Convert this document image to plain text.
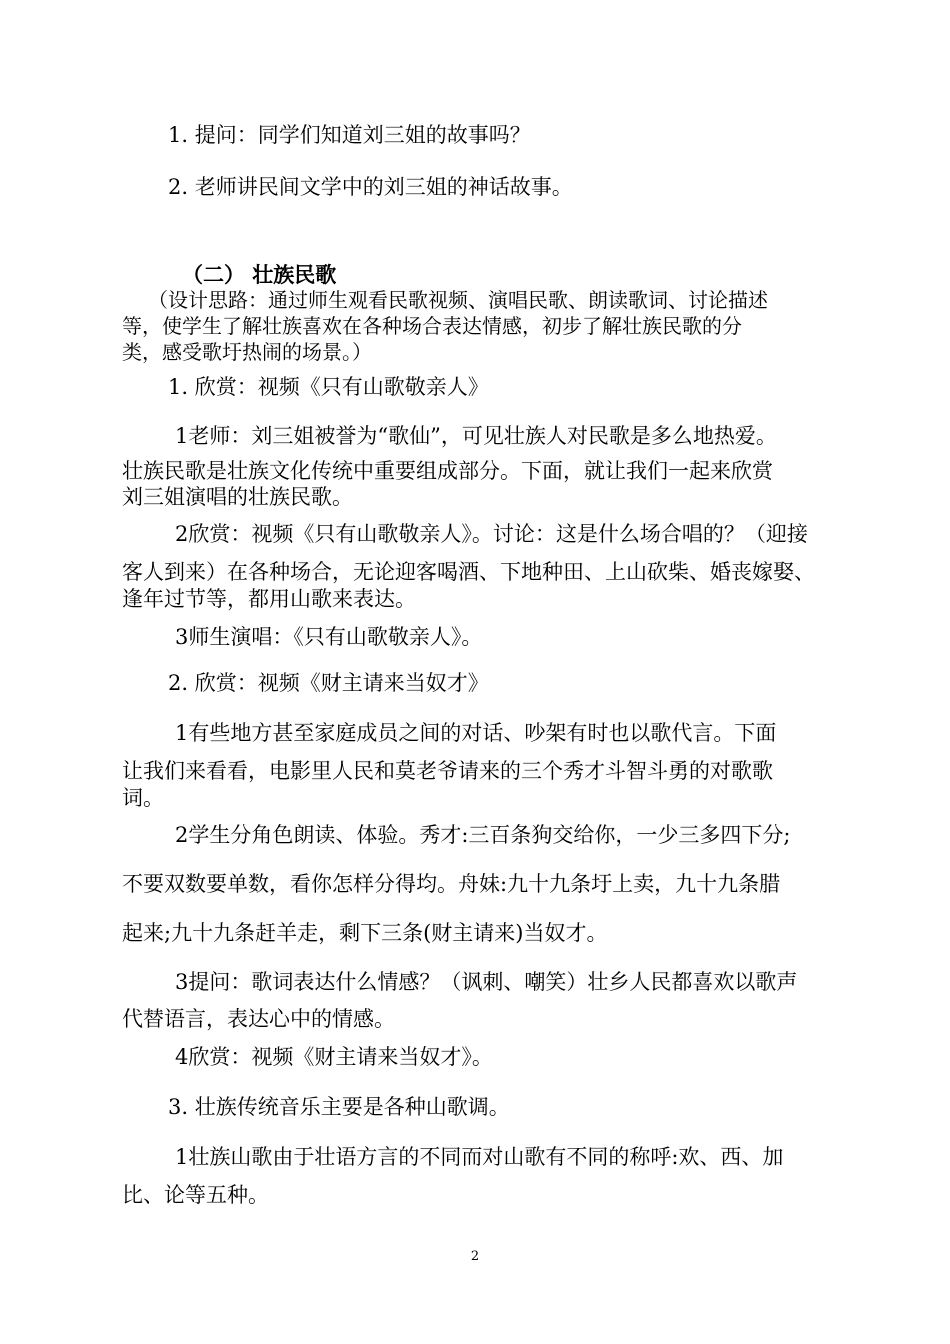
1. 提问：同学们知道刘三姐的故事吗？
2. 老师讲民间文学中的刘三姐的神话故事。
（二） 壮族民歌
（设计思路：通过师生观看民歌视频、演唱民歌、朗读歌词、讨论描述
等，使学生了解壮族喜欢在各种场合表达情感，初步了解壮族民歌的分
类，感受歌圩热闹的场景。）
1. 欣赏：视频《只有山歌敬亲人》
1老师：刘三姐被誉为“歌仙”，可见壮族人对民歌是多么地热爱。
壮族民歌是壮族文化传统中重要组成部分。下面，就让我们一起来欣赏
刘三姐演唱的壮族民歌。
2欣赏：视频《只有山歌敬亲人》。讨论：这是什么场合唱的？（迎接
客人到来）在各种场合，无论迎客喝酒、下地种田、上山砍柴、婚丧嫁娶、
逢年过节等，都用山歌来表达。
3师生演唱：《只有山歌敬亲人》。
2. 欣赏：视频《财主请来当奴才》
1有些地方甚至家庭成员之间的对话、吵架有时也以歌代言。下面
让我们来看看，电影里人民和莫老爷请来的三个秀才斗智斗勇的对歌歌
词。
2学生分角色朗读、体验。秀才:三百条狗交给你，一少三多四下分;
不要双数要单数，看你怎样分得均。舟妹:九十九条圩上卖，九十九条腊
起来;九十九条赶羊走，剩下三条(财主请来)当奴才。
3提问：歌词表达什么情感？（讽刺、嘲笑）壮乡人民都喜欢以歌声
代替语言，表达心中的情感。
4欣赏：视频《财主请来当奴才》。
3. 壮族传统音乐主要是各种山歌调。
1壮族山歌由于壮语方言的不同而对山歌有不同的称呼:欢、西、加
比、论等五种。
2
